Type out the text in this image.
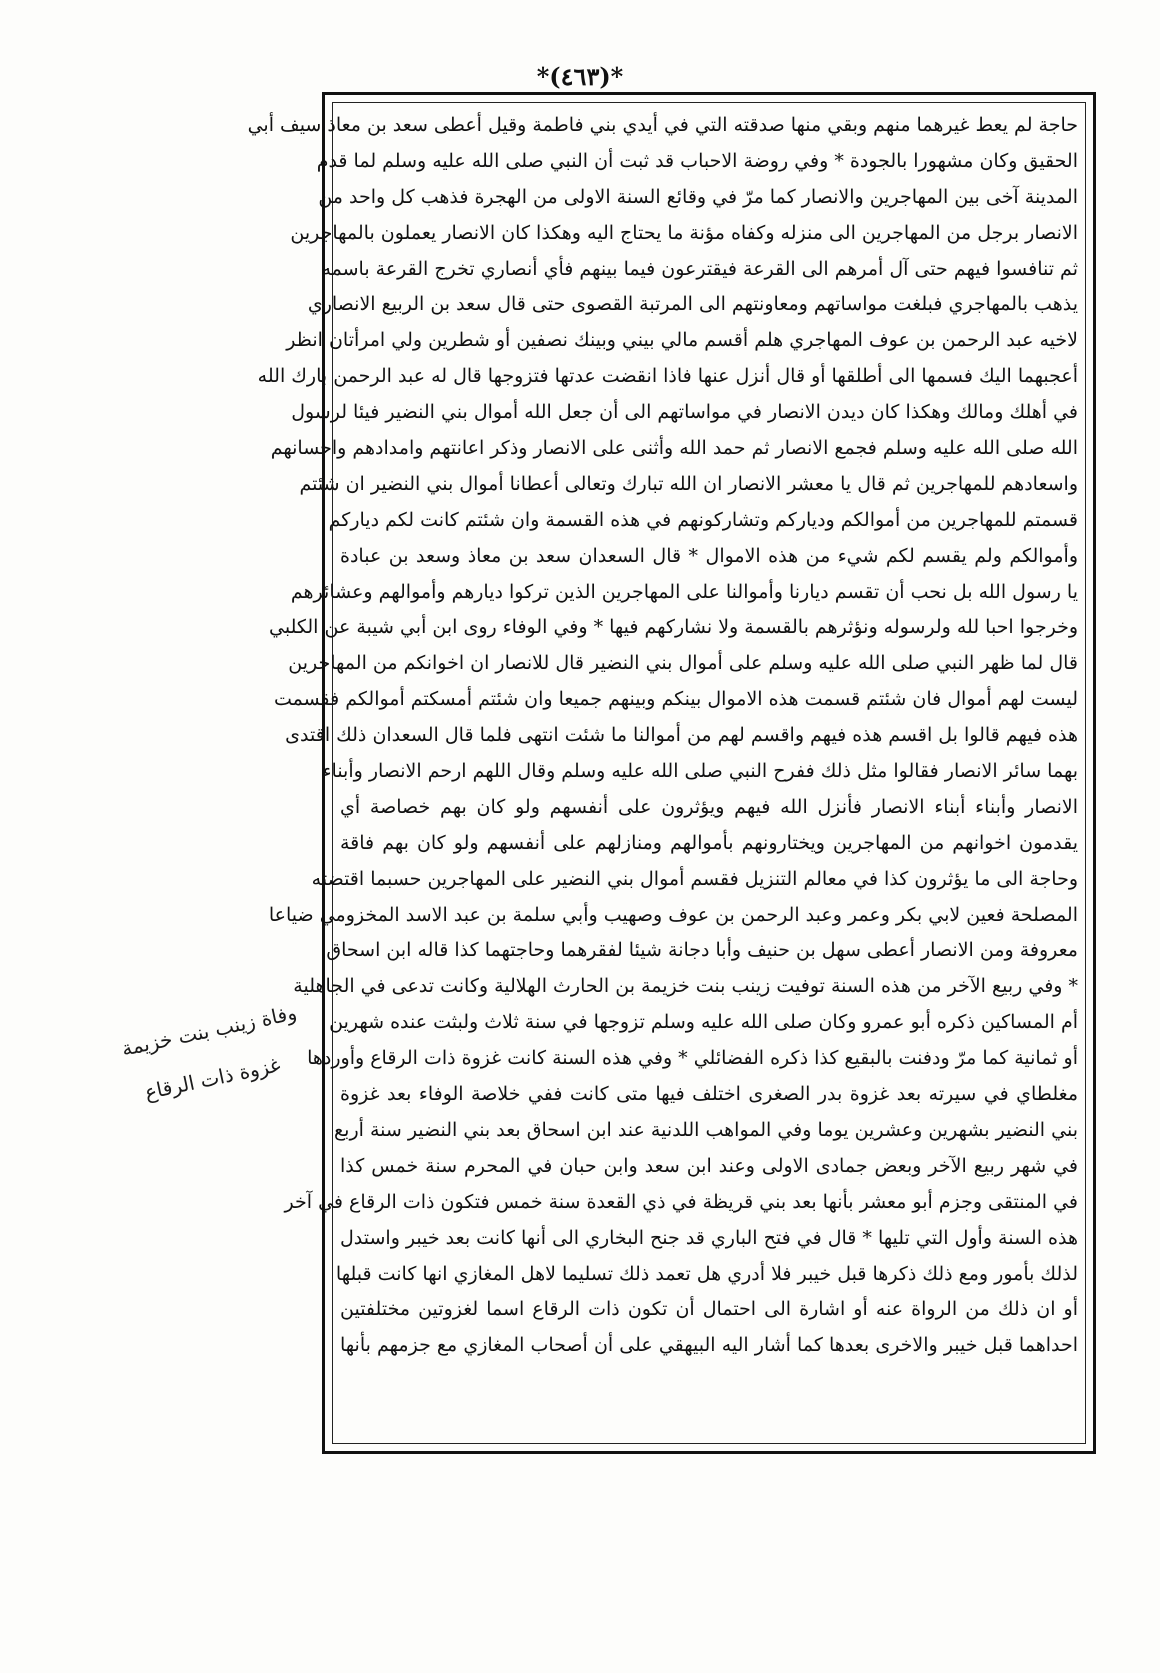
*(٤٦٣)*
حاجة لم يعط غيرهما منهم وبقي منها صدقته التي في أيدي بني فاطمة وقيل أعطى سعد بن معاذ سيف أبي
الحقيق وكان مشهورا بالجودة * وفي روضة الاحباب قد ثبت أن النبي صلى الله عليه وسلم لما قدم
المدينة آخى بين المهاجرين والانصار كما مرّ في وقائع السنة الاولى من الهجرة فذهب كل واحد من
الانصار برجل من المهاجرين الى منزله وكفاه مؤنة ما يحتاج اليه وهكذا كان الانصار يعملون بالمهاجرين
ثم تنافسوا فيهم حتى آل أمرهم الى القرعة فيقترعون فيما بينهم فأي أنصاري تخرج القرعة باسمه
يذهب بالمهاجري فبلغت مواساتهم ومعاونتهم الى المرتبة القصوى حتى قال سعد بن الربيع الانصاري
لاخيه عبد الرحمن بن عوف المهاجري هلم أقسم مالي بيني وبينك نصفين أو شطرين ولي امرأتان انظر
أعجبهما اليك فسمها الى أطلقها أو قال أنزل عنها فاذا انقضت عدتها فتزوجها قال له عبد الرحمن بارك الله
في أهلك ومالك وهكذا كان ديدن الانصار في مواساتهم الى أن جعل الله أموال بني النضير فيئا لرسول
الله صلى الله عليه وسلم فجمع الانصار ثم حمد الله وأثنى على الانصار وذكر اعانتهم وامدادهم واحسانهم
واسعادهم للمهاجرين ثم قال يا معشر الانصار ان الله تبارك وتعالى أعطانا أموال بني النضير ان شئتم
قسمتم للمهاجرين من أموالكم ودياركم وتشاركونهم في هذه القسمة وان شئتم كانت لكم دياركم
وأموالكم ولم يقسم لكم شيء من هذه الاموال * قال السعدان سعد بن معاذ وسعد بن عبادة
يا رسول الله بل نحب أن تقسم ديارنا وأموالنا على المهاجرين الذين تركوا ديارهم وأموالهم وعشائرهم
وخرجوا احبا لله ولرسوله ونؤثرهم بالقسمة ولا نشاركهم فيها * وفي الوفاء روى ابن أبي شيبة عن الكلبي
قال لما ظهر النبي صلى الله عليه وسلم على أموال بني النضير قال للانصار ان اخوانكم من المهاجرين
ليست لهم أموال فان شئتم قسمت هذه الاموال بينكم وبينهم جميعا وان شئتم أمسكتم أموالكم فقسمت
هذه فيهم قالوا بل اقسم هذه فيهم واقسم لهم من أموالنا ما شئت انتهى فلما قال السعدان ذلك اقتدى
بهما سائر الانصار فقالوا مثل ذلك ففرح النبي صلى الله عليه وسلم وقال اللهم ارحم الانصار وأبناء
الانصار وأبناء أبناء الانصار فأنزل الله فيهم ويؤثرون على أنفسهم ولو كان بهم خصاصة أي
يقدمون اخوانهم من المهاجرين ويختارونهم بأموالهم ومنازلهم على أنفسهم ولو كان بهم فاقة
وحاجة الى ما يؤثرون كذا في معالم التنزيل فقسم أموال بني النضير على المهاجرين حسبما اقتضته
المصلحة فعين لابي بكر وعمر وعبد الرحمن بن عوف وصهيب وأبي سلمة بن عبد الاسد المخزومي ضياعا
معروفة ومن الانصار أعطى سهل بن حنيف وأبا دجانة شيئا لفقرهما وحاجتهما كذا قاله ابن اسحاق
* وفي ربيع الآخر من هذه السنة توفيت زينب بنت خزيمة بن الحارث الهلالية وكانت تدعى في الجاهلية
أم المساكين ذكره أبو عمرو وكان صلى الله عليه وسلم تزوجها في سنة ثلاث ولبثت عنده شهرين
أو ثمانية كما مرّ ودفنت بالبقيع كذا ذكره الفضائلي * وفي هذه السنة كانت غزوة ذات الرقاع وأوردها
مغلطاي في سيرته بعد غزوة بدر الصغرى اختلف فيها متى كانت ففي خلاصة الوفاء بعد غزوة
بني النضير بشهرين وعشرين يوما وفي المواهب اللدنية عند ابن اسحاق بعد بني النضير سنة أربع
في شهر ربيع الآخر وبعض جمادى الاولى وعند ابن سعد وابن حبان في المحرم سنة خمس كذا
في المنتقى وجزم أبو معشر بأنها بعد بني قريظة في ذي القعدة سنة خمس فتكون ذات الرقاع في آخر
هذه السنة وأول التي تليها * قال في فتح الباري قد جنح البخاري الى أنها كانت بعد خيبر واستدل
لذلك بأمور ومع ذلك ذكرها قبل خيبر فلا أدري هل تعمد ذلك تسليما لاهل المغازي انها كانت قبلها
أو ان ذلك من الرواة عنه أو اشارة الى احتمال أن تكون ذات الرقاع اسما لغزوتين مختلفتين
احداهما قبل خيبر والاخرى بعدها كما أشار اليه البيهقي على أن أصحاب المغازي مع جزمهم بأنها
وفاة زينب بنت خزيمة
غزوة ذات الرقاع
